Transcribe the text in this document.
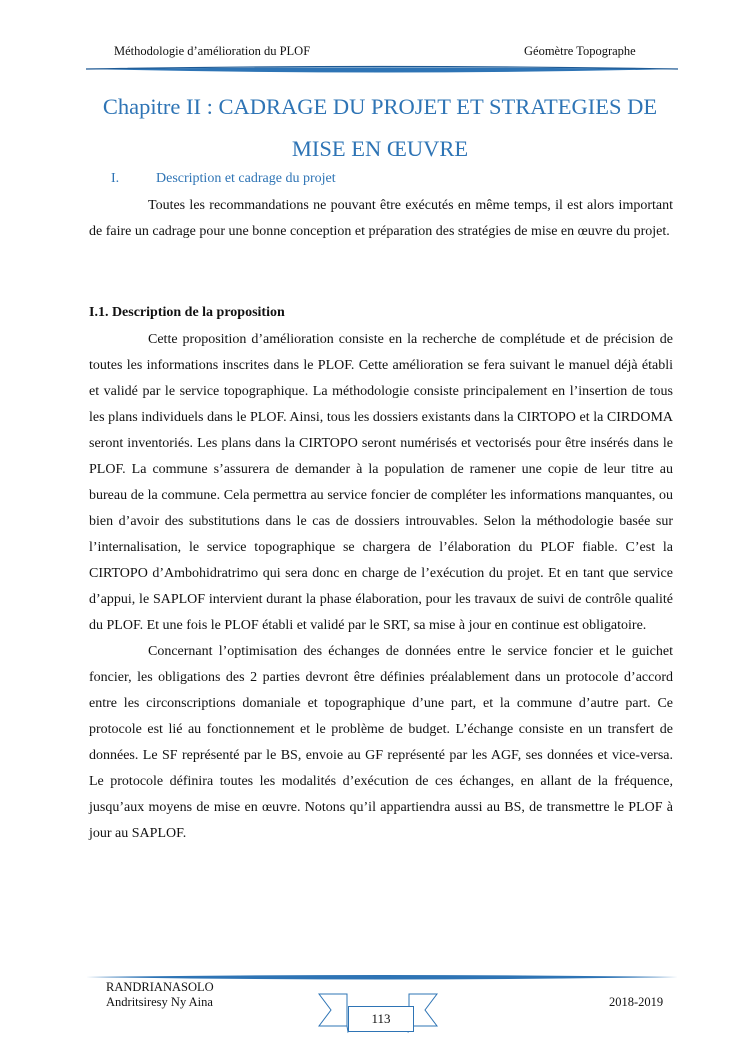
Méthodologie d’amélioration du PLOF	Géomètre Topographe
Chapitre II : CADRAGE DU PROJET ET STRATEGIES DE
MISE EN ŒUVRE
I.	Description et cadrage du projet

Toutes les recommandations ne pouvant être exécutés en même temps, il est alors important de faire un cadrage pour une bonne conception et préparation des stratégies de mise en œuvre du projet.

I.1. Description de la proposition

Cette proposition d’amélioration consiste en la recherche de complétude et de précision de toutes les informations inscrites dans le PLOF. Cette amélioration se fera suivant le manuel déjà établi et validé par le service topographique. La méthodologie consiste principalement en l’insertion de tous les plans individuels dans le PLOF. Ainsi, tous les dossiers existants dans la CIRTOPO et la CIRDOMA seront inventoriés. Les plans dans la CIRTOPO seront numérisés et vectorisés pour être insérés dans le PLOF. La commune s’assurera de demander à la population de ramener une copie de leur titre au bureau de la commune. Cela permettra au service foncier de compléter les informations manquantes, ou bien d’avoir des substitutions dans le cas de dossiers introuvables. Selon la méthodologie basée sur l’internalisation, le service topographique se chargera de l’élaboration du PLOF fiable. C’est la CIRTOPO d’Ambohidratrimo qui sera donc en charge de l’exécution du projet. Et en tant que service d’appui, le SAPLOF intervient durant la phase élaboration, pour les travaux de suivi de contrôle qualité du PLOF. Et une fois le PLOF établi et validé par le SRT, sa mise à jour en continue est obligatoire.

Concernant l’optimisation des échanges de données entre le service foncier et le guichet foncier, les obligations des 2 parties devront être définies préalablement dans un protocole d’accord entre les circonscriptions domaniale et topographique d’une part, et la commune d’autre part. Ce protocole est lié au fonctionnement et le problème de budget. L’échange consiste en un transfert de données. Le SF représenté par le BS, envoie au GF représenté par les AGF, ses données et vice-versa. Le protocole définira toutes les modalités d’exécution de ces échanges, en allant de la fréquence, jusqu’aux moyens de mise en œuvre. Notons qu’il appartiendra aussi au BS, de transmettre le PLOF à jour au SAPLOF.

RANDRIANASOLO
Andritsiresy Ny Aina	2018-2019
113
